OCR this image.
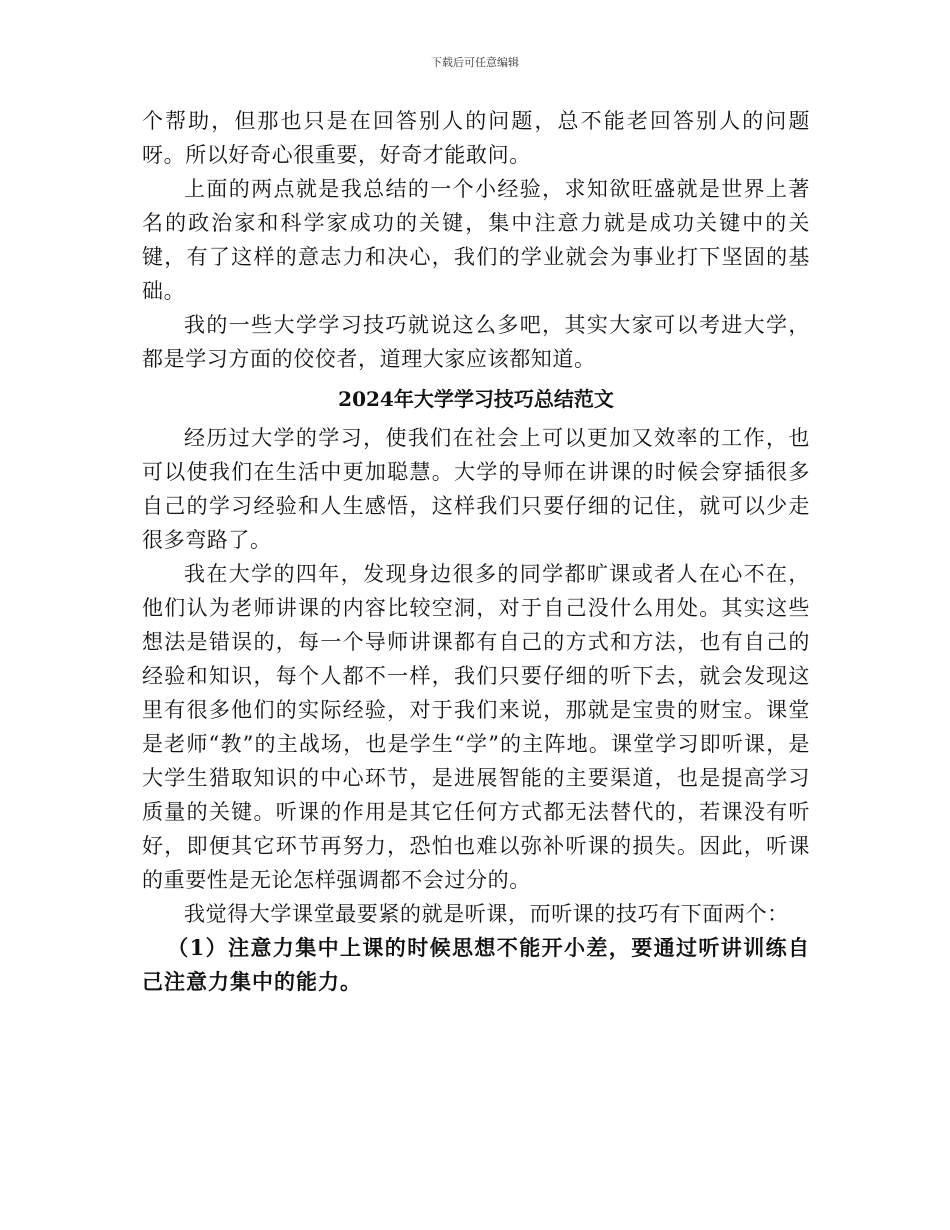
下载后可任意编辑

个帮助，但那也只是在回答别人的问题，总不能老回答别人的问题呀。所以好奇心很重要，好奇才能敢问。

上面的两点就是我总结的一个小经验，求知欲旺盛就是世界上著名的政治家和科学家成功的关键，集中注意力就是成功关键中的关键，有了这样的意志力和决心，我们的学业就会为事业打下坚固的基础。

我的一些大学学习技巧就说这么多吧，其实大家可以考进大学，都是学习方面的佼佼者，道理大家应该都知道。

2024年大学学习技巧总结范文

经历过大学的学习，使我们在社会上可以更加又效率的工作，也可以使我们在生活中更加聪慧。大学的导师在讲课的时候会穿插很多自己的学习经验和人生感悟，这样我们只要仔细的记住，就可以少走很多弯路了。

我在大学的四年，发现身边很多的同学都旷课或者人在心不在，他们认为老师讲课的内容比较空洞，对于自己没什么用处。其实这些想法是错误的，每一个导师讲课都有自己的方式和方法，也有自己的经验和知识，每个人都不一样，我们只要仔细的听下去，就会发现这里有很多他们的实际经验，对于我们来说，那就是宝贵的财宝。课堂是老师“教”的主战场，也是学生“学”的主阵地。课堂学习即听课，是大学生猎取知识的中心环节，是进展智能的主要渠道，也是提高学习质量的关键。听课的作用是其它任何方式都无法替代的，若课没有听好，即便其它环节再努力，恐怕也难以弥补听课的损失。因此，听课的重要性是无论怎样强调都不会过分的。

我觉得大学课堂最要紧的就是听课，而听课的技巧有下面两个：

（1）注意力集中上课的时候思想不能开小差，要通过听讲训练自己注意力集中的能力。
